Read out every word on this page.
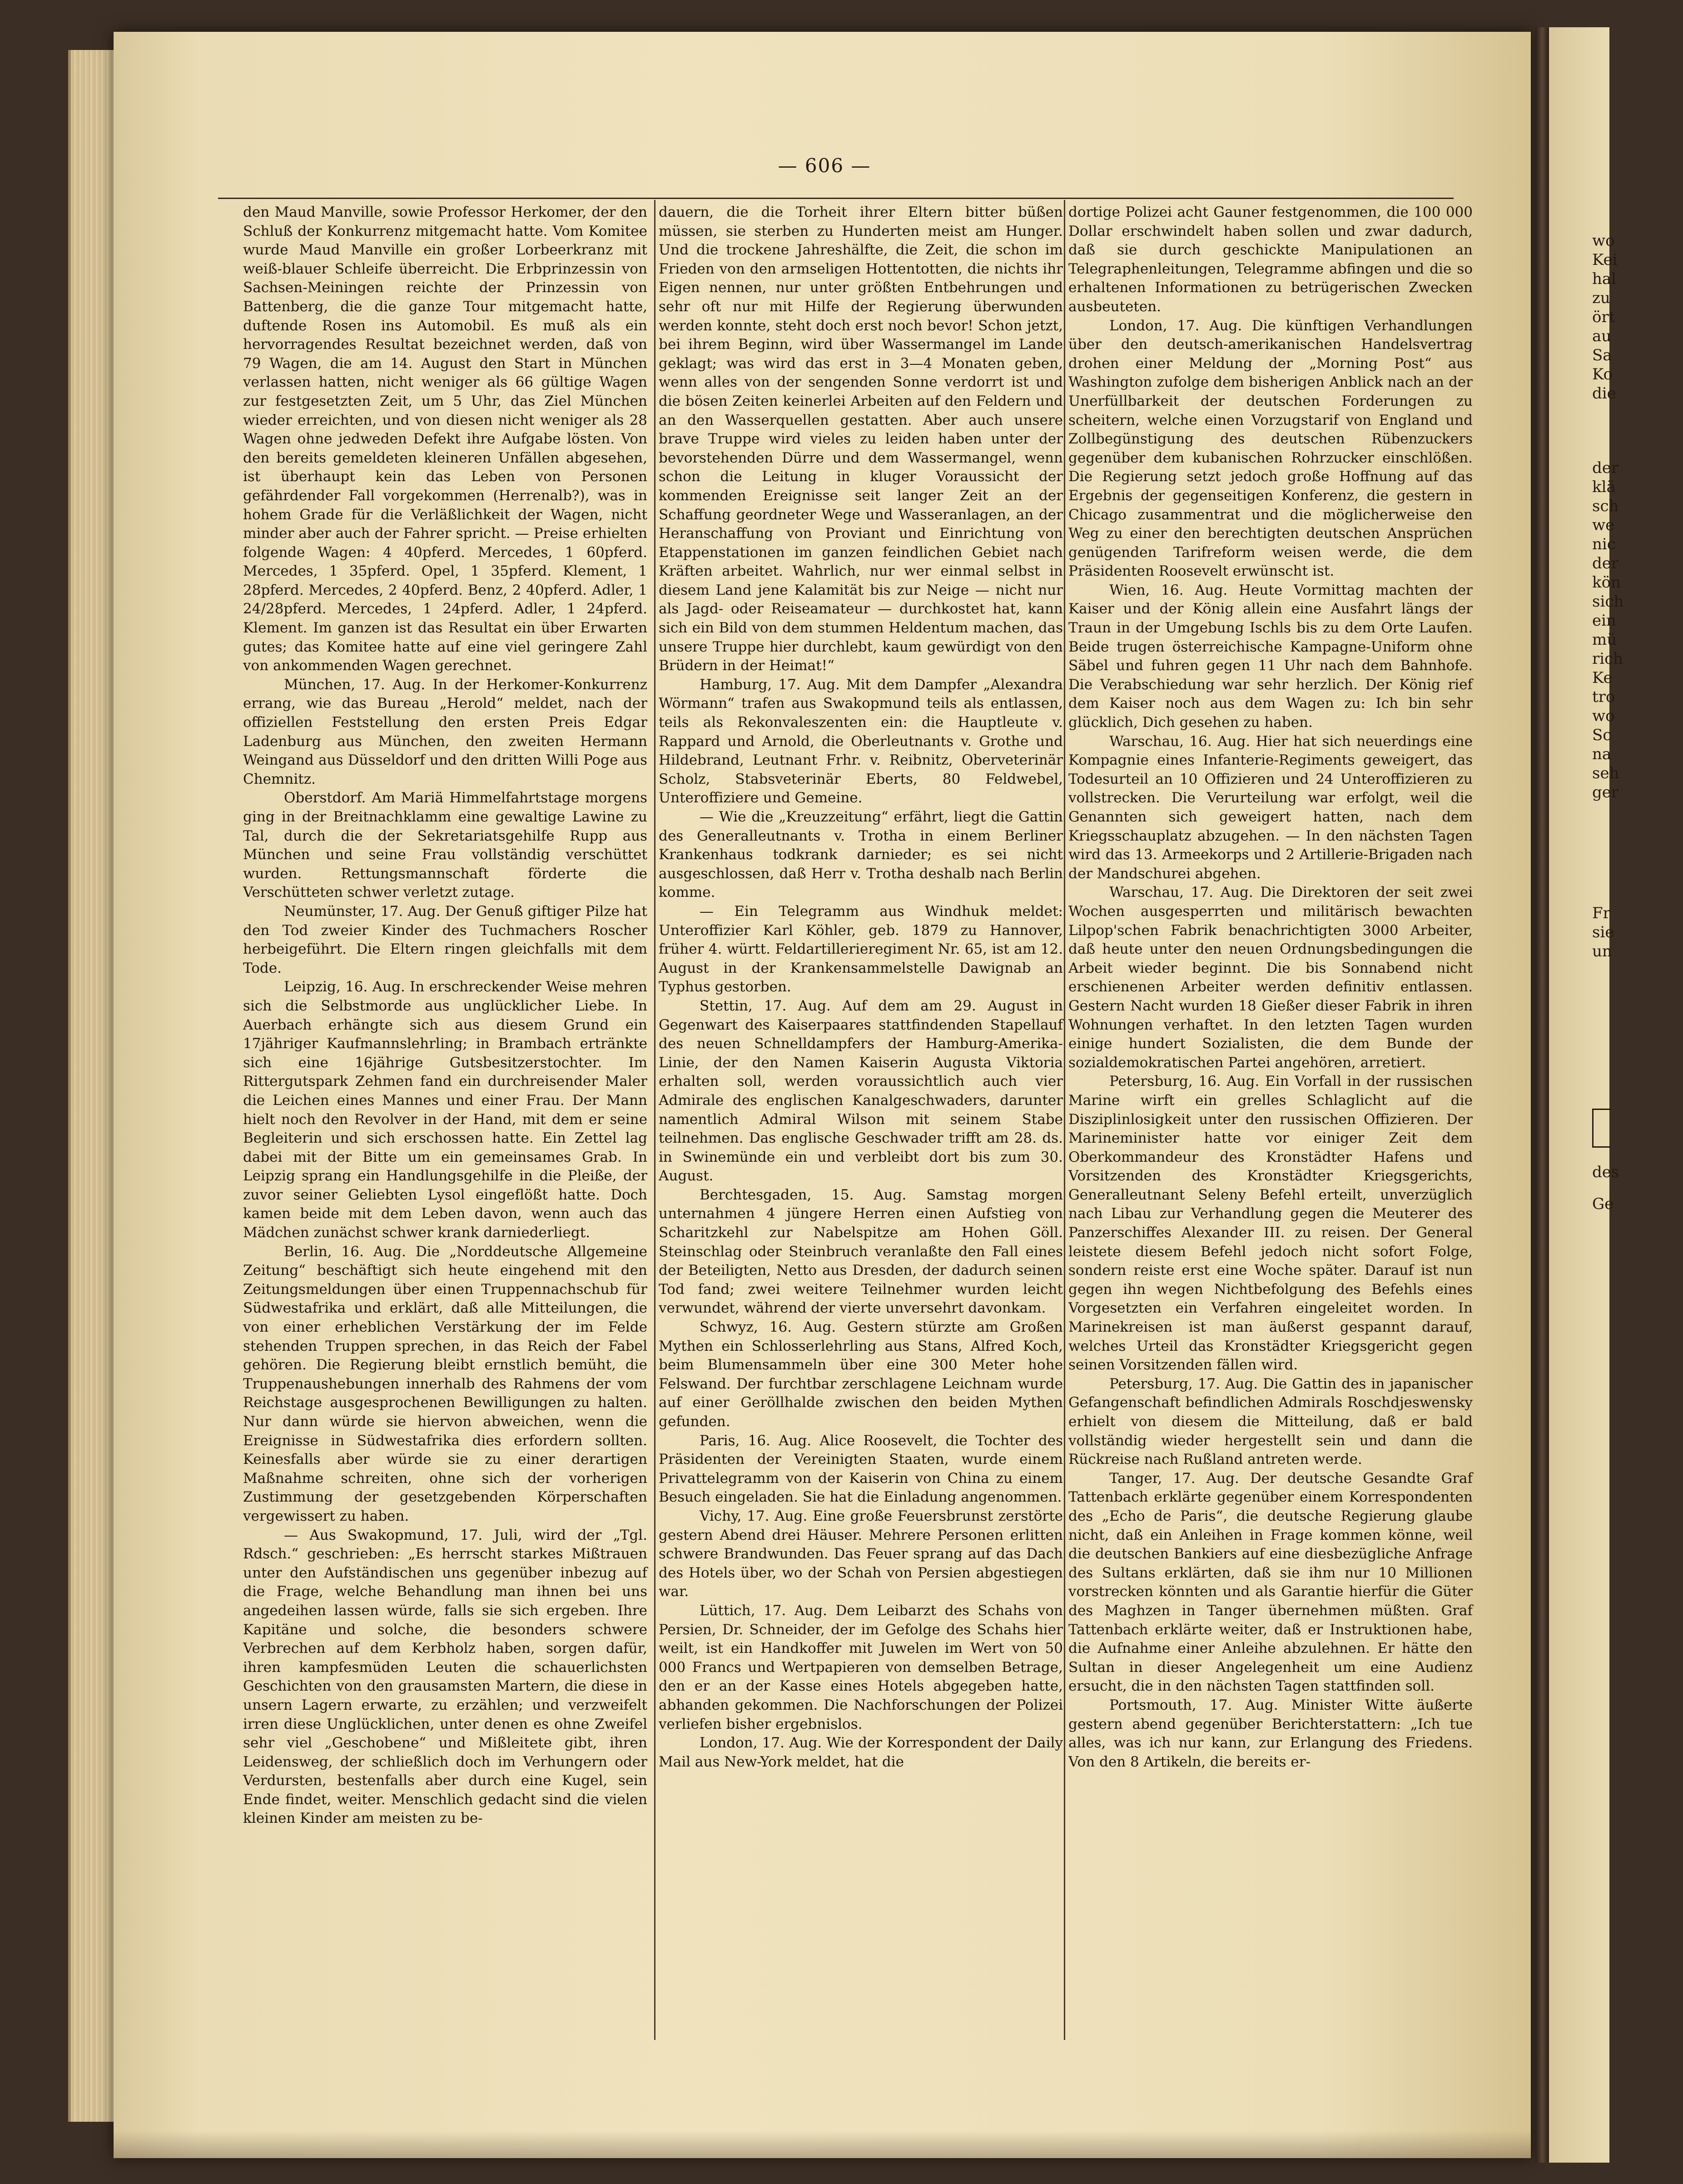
wo
Kei
hal
zu
ört
au
Sa
Ko
die
der
klä
sch
we
nic
der
kön
sich
ein
mü
rich
Ke
tro
wo
Sc
na
seh
ger
Fr
sie
un
des
Ge
— 606 —

den Maud Manville, sowie Professor Herkomer, der den Schluß der Konkurrenz mitgemacht hatte. Vom Komitee wurde Maud Manville ein großer Lorbeerkranz mit weiß-blauer Schleife überreicht. Die Erbprinzessin von Sachsen-Meiningen reichte der Prinzessin von Battenberg, die die ganze Tour mitgemacht hatte, duftende Rosen ins Automobil. Es muß als ein hervorragendes Resultat bezeichnet werden, daß von 79 Wagen, die am 14. August den Start in München verlassen hatten, nicht weniger als 66 gültige Wagen zur festgesetzten Zeit, um 5 Uhr, das Ziel München wieder erreichten, und von diesen nicht weniger als 28 Wagen ohne jedweden Defekt ihre Aufgabe lösten. Von den bereits gemeldeten kleineren Unfällen abgesehen, ist überhaupt kein das Leben von Personen gefährdender Fall vorgekommen (Herrenalb?), was in hohem Grade für die Verläßlichkeit der Wagen, nicht minder aber auch der Fahrer spricht. — Preise erhielten folgende Wagen: 4 40pferd. Mercedes, 1 60pferd. Mercedes, 1 35pferd. Opel, 1 35pferd. Klement, 1 28pferd. Mercedes, 2 40pferd. Benz, 2 40pferd. Adler, 1 24/28pferd. Mercedes, 1 24pferd. Adler, 1 24pferd. Klement. Im ganzen ist das Resultat ein über Erwarten gutes; das Komitee hatte auf eine viel geringere Zahl von ankommenden Wagen gerechnet.

München, 17. Aug. In der Herkomer-Konkurrenz errang, wie das Bureau „Herold“ meldet, nach der offiziellen Feststellung den ersten Preis Edgar Ladenburg aus München, den zweiten Hermann Weingand aus Düsseldorf und den dritten Willi Poge aus Chemnitz.

Oberstdorf. Am Mariä Himmelfahrtstage morgens ging in der Breitnachklamm eine gewaltige Lawine zu Tal, durch die der Sekretariatsgehilfe Rupp aus München und seine Frau vollständig verschüttet wurden. Rettungsmannschaft förderte die Verschütteten schwer verletzt zutage.

Neumünster, 17. Aug. Der Genuß giftiger Pilze hat den Tod zweier Kinder des Tuchmachers Roscher herbeigeführt. Die Eltern ringen gleichfalls mit dem Tode.

Leipzig, 16. Aug. In erschreckender Weise mehren sich die Selbstmorde aus unglücklicher Liebe. In Auerbach erhängte sich aus diesem Grund ein 17jähriger Kaufmannslehrling; in Brambach ertränkte sich eine 16jährige Gutsbesitzerstochter. Im Rittergutspark Zehmen fand ein durchreisender Maler die Leichen eines Mannes und einer Frau. Der Mann hielt noch den Revolver in der Hand, mit dem er seine Begleiterin und sich erschossen hatte. Ein Zettel lag dabei mit der Bitte um ein gemeinsames Grab. In Leipzig sprang ein Handlungsgehilfe in die Pleiße, der zuvor seiner Geliebten Lysol eingeflößt hatte. Doch kamen beide mit dem Leben davon, wenn auch das Mädchen zunächst schwer krank darniederliegt.

Berlin, 16. Aug. Die „Norddeutsche Allgemeine Zeitung“ beschäftigt sich heute eingehend mit den Zeitungsmeldungen über einen Truppennachschub für Südwestafrika und erklärt, daß alle Mitteilungen, die von einer erheblichen Verstärkung der im Felde stehenden Truppen sprechen, in das Reich der Fabel gehören. Die Regierung bleibt ernstlich bemüht, die Truppenaushebungen innerhalb des Rahmens der vom Reichstage ausgesprochenen Bewilligungen zu halten. Nur dann würde sie hiervon abweichen, wenn die Ereignisse in Südwestafrika dies erfordern sollten. Keinesfalls aber würde sie zu einer derartigen Maßnahme schreiten, ohne sich der vorherigen Zustimmung der gesetzgebenden Körperschaften vergewissert zu haben.

— Aus Swakopmund, 17. Juli, wird der „Tgl. Rdsch.“ geschrieben: „Es herrscht starkes Mißtrauen unter den Aufständischen uns gegenüber inbezug auf die Frage, welche Behandlung man ihnen bei uns angedeihen lassen würde, falls sie sich ergeben. Ihre Kapitäne und solche, die besonders schwere Verbrechen auf dem Kerbholz haben, sorgen dafür, ihren kampfesmüden Leuten die schauerlichsten Geschichten von den grausamsten Martern, die diese in unsern Lagern erwarte, zu erzählen; und verzweifelt irren diese Unglücklichen, unter denen es ohne Zweifel sehr viel „Geschobene“ und Mißleitete gibt, ihren Leidensweg, der schließlich doch im Verhungern oder Verdursten, bestenfalls aber durch eine Kugel, sein Ende findet, weiter. Menschlich gedacht sind die vielen kleinen Kinder am meisten zu be-

dauern, die die Torheit ihrer Eltern bitter büßen müssen, sie sterben zu Hunderten meist am Hunger. Und die trockene Jahreshälfte, die Zeit, die schon im Frieden von den armseligen Hottentotten, die nichts ihr Eigen nennen, nur unter größten Entbehrungen und sehr oft nur mit Hilfe der Regierung überwunden werden konnte, steht doch erst noch bevor! Schon jetzt, bei ihrem Beginn, wird über Wassermangel im Lande geklagt; was wird das erst in 3—4 Monaten geben, wenn alles von der sengenden Sonne verdorrt ist und die bösen Zeiten keinerlei Arbeiten auf den Feldern und an den Wasserquellen gestatten. Aber auch unsere brave Truppe wird vieles zu leiden haben unter der bevorstehenden Dürre und dem Wassermangel, wenn schon die Leitung in kluger Voraussicht der kommenden Ereignisse seit langer Zeit an der Schaffung geordneter Wege und Wasseranlagen, an der Heranschaffung von Proviant und Einrichtung von Etappenstationen im ganzen feindlichen Gebiet nach Kräften arbeitet. Wahrlich, nur wer einmal selbst in diesem Land jene Kalamität bis zur Neige — nicht nur als Jagd- oder Reiseamateur — durchkostet hat, kann sich ein Bild von dem stummen Heldentum machen, das unsere Truppe hier durchlebt, kaum gewürdigt von den Brüdern in der Heimat!“

Hamburg, 17. Aug. Mit dem Dampfer „Alexandra Wörmann“ trafen aus Swakopmund teils als entlassen, teils als Rekonvaleszenten ein: die Hauptleute v. Rappard und Arnold, die Oberleutnants v. Grothe und Hildebrand, Leutnant Frhr. v. Reibnitz, Oberveterinär Scholz, Stabsveterinär Eberts, 80 Feldwebel, Unteroffiziere und Gemeine.

— Wie die „Kreuzzeitung“ erfährt, liegt die Gattin des Generalleutnants v. Trotha in einem Berliner Krankenhaus todkrank darnieder; es sei nicht ausgeschlossen, daß Herr v. Trotha deshalb nach Berlin komme.

— Ein Telegramm aus Windhuk meldet: Unteroffizier Karl Köhler, geb. 1879 zu Hannover, früher 4. württ. Feldartillerieregiment Nr. 65, ist am 12. August in der Krankensammelstelle Dawignab an Typhus gestorben.

Stettin, 17. Aug. Auf dem am 29. August in Gegenwart des Kaiserpaares stattfindenden Stapellauf des neuen Schnelldampfers der Hamburg-Amerika-Linie, der den Namen Kaiserin Augusta Viktoria erhalten soll, werden voraussichtlich auch vier Admirale des englischen Kanalgeschwaders, darunter namentlich Admiral Wilson mit seinem Stabe teilnehmen. Das englische Geschwader trifft am 28. ds. in Swinemünde ein und verbleibt dort bis zum 30. August.

Berchtesgaden, 15. Aug. Samstag morgen unternahmen 4 jüngere Herren einen Aufstieg von Scharitzkehl zur Nabelspitze am Hohen Göll. Steinschlag oder Steinbruch veranlaßte den Fall eines der Beteiligten, Netto aus Dresden, der dadurch seinen Tod fand; zwei weitere Teilnehmer wurden leicht verwundet, während der vierte unversehrt davonkam.

Schwyz, 16. Aug. Gestern stürzte am Großen Mythen ein Schlosserlehrling aus Stans, Alfred Koch, beim Blumensammeln über eine 300 Meter hohe Felswand. Der furchtbar zerschlagene Leichnam wurde auf einer Geröllhalde zwischen den beiden Mythen gefunden.

Paris, 16. Aug. Alice Roosevelt, die Tochter des Präsidenten der Vereinigten Staaten, wurde einem Privattelegramm von der Kaiserin von China zu einem Besuch eingeladen. Sie hat die Einladung angenommen.

Vichy, 17. Aug. Eine große Feuersbrunst zerstörte gestern Abend drei Häuser. Mehrere Personen erlitten schwere Brandwunden. Das Feuer sprang auf das Dach des Hotels über, wo der Schah von Persien abgestiegen war.

Lüttich, 17. Aug. Dem Leibarzt des Schahs von Persien, Dr. Schneider, der im Gefolge des Schahs hier weilt, ist ein Handkoffer mit Juwelen im Wert von 50 000 Francs und Wertpapieren von demselben Betrage, den er an der Kasse eines Hotels abgegeben hatte, abhanden gekommen. Die Nachforschungen der Polizei verliefen bisher ergebnislos.

London, 17. Aug. Wie der Korrespondent der Daily Mail aus New-York meldet, hat die

dortige Polizei acht Gauner festgenommen, die 100 000 Dollar erschwindelt haben sollen und zwar dadurch, daß sie durch geschickte Manipulationen an Telegraphenleitungen, Telegramme abfingen und die so erhaltenen Informationen zu betrügerischen Zwecken ausbeuteten.

London, 17. Aug. Die künftigen Verhandlungen über den deutsch-amerikanischen Handelsvertrag drohen einer Meldung der „Morning Post“ aus Washington zufolge dem bisherigen Anblick nach an der Unerfüllbarkeit der deutschen Forderungen zu scheitern, welche einen Vorzugstarif von England und Zollbegünstigung des deutschen Rübenzuckers gegenüber dem kubanischen Rohrzucker einschlößen. Die Regierung setzt jedoch große Hoffnung auf das Ergebnis der gegenseitigen Konferenz, die gestern in Chicago zusammentrat und die möglicherweise den Weg zu einer den berechtigten deutschen Ansprüchen genügenden Tarifreform weisen werde, die dem Präsidenten Roosevelt erwünscht ist.

Wien, 16. Aug. Heute Vormittag machten der Kaiser und der König allein eine Ausfahrt längs der Traun in der Umgebung Ischls bis zu dem Orte Laufen. Beide trugen österreichische Kampagne-Uniform ohne Säbel und fuhren gegen 11 Uhr nach dem Bahnhofe. Die Verabschiedung war sehr herzlich. Der König rief dem Kaiser noch aus dem Wagen zu: Ich bin sehr glücklich, Dich gesehen zu haben.

Warschau, 16. Aug. Hier hat sich neuerdings eine Kompagnie eines Infanterie-Regiments geweigert, das Todesurteil an 10 Offizieren und 24 Unteroffizieren zu vollstrecken. Die Verurteilung war erfolgt, weil die Genannten sich geweigert hatten, nach dem Kriegsschauplatz abzugehen. — In den nächsten Tagen wird das 13. Armeekorps und 2 Artillerie-Brigaden nach der Mandschurei abgehen.

Warschau, 17. Aug. Die Direktoren der seit zwei Wochen ausgesperrten und militärisch bewachten Lilpop'schen Fabrik benachrichtigten 3000 Arbeiter, daß heute unter den neuen Ordnungsbedingungen die Arbeit wieder beginnt. Die bis Sonnabend nicht erschienenen Arbeiter werden definitiv entlassen. Gestern Nacht wurden 18 Gießer dieser Fabrik in ihren Wohnungen verhaftet. In den letzten Tagen wurden einige hundert Sozialisten, die dem Bunde der sozialdemokratischen Partei angehören, arretiert.

Petersburg, 16. Aug. Ein Vorfall in der russischen Marine wirft ein grelles Schlaglicht auf die Disziplinlosigkeit unter den russischen Offizieren. Der Marineminister hatte vor einiger Zeit dem Oberkommandeur des Kronstädter Hafens und Vorsitzenden des Kronstädter Kriegsgerichts, Generalleutnant Seleny Befehl erteilt, unverzüglich nach Libau zur Verhandlung gegen die Meuterer des Panzerschiffes Alexander III. zu reisen. Der General leistete diesem Befehl jedoch nicht sofort Folge, sondern reiste erst eine Woche später. Darauf ist nun gegen ihn wegen Nichtbefolgung des Befehls eines Vorgesetzten ein Verfahren eingeleitet worden. In Marinekreisen ist man äußerst gespannt darauf, welches Urteil das Kronstädter Kriegsgericht gegen seinen Vorsitzenden fällen wird.

Petersburg, 17. Aug. Die Gattin des in japanischer Gefangenschaft befindlichen Admirals Roschdjeswensky erhielt von diesem die Mitteilung, daß er bald vollständig wieder hergestellt sein und dann die Rückreise nach Rußland antreten werde.

Tanger, 17. Aug. Der deutsche Gesandte Graf Tattenbach erklärte gegenüber einem Korrespondenten des „Echo de Paris“, die deutsche Regierung glaube nicht, daß ein Anleihen in Frage kommen könne, weil die deutschen Bankiers auf eine diesbezügliche Anfrage des Sultans erklärten, daß sie ihm nur 10 Millionen vorstrecken könnten und als Garantie hierfür die Güter des Maghzen in Tanger übernehmen müßten. Graf Tattenbach erklärte weiter, daß er Instruktionen habe, die Aufnahme einer Anleihe abzulehnen. Er hätte den Sultan in dieser Angelegenheit um eine Audienz ersucht, die in den nächsten Tagen stattfinden soll.

Portsmouth, 17. Aug. Minister Witte äußerte gestern abend gegenüber Berichterstattern: „Ich tue alles, was ich nur kann, zur Erlangung des Friedens. Von den 8 Artikeln, die bereits er-
